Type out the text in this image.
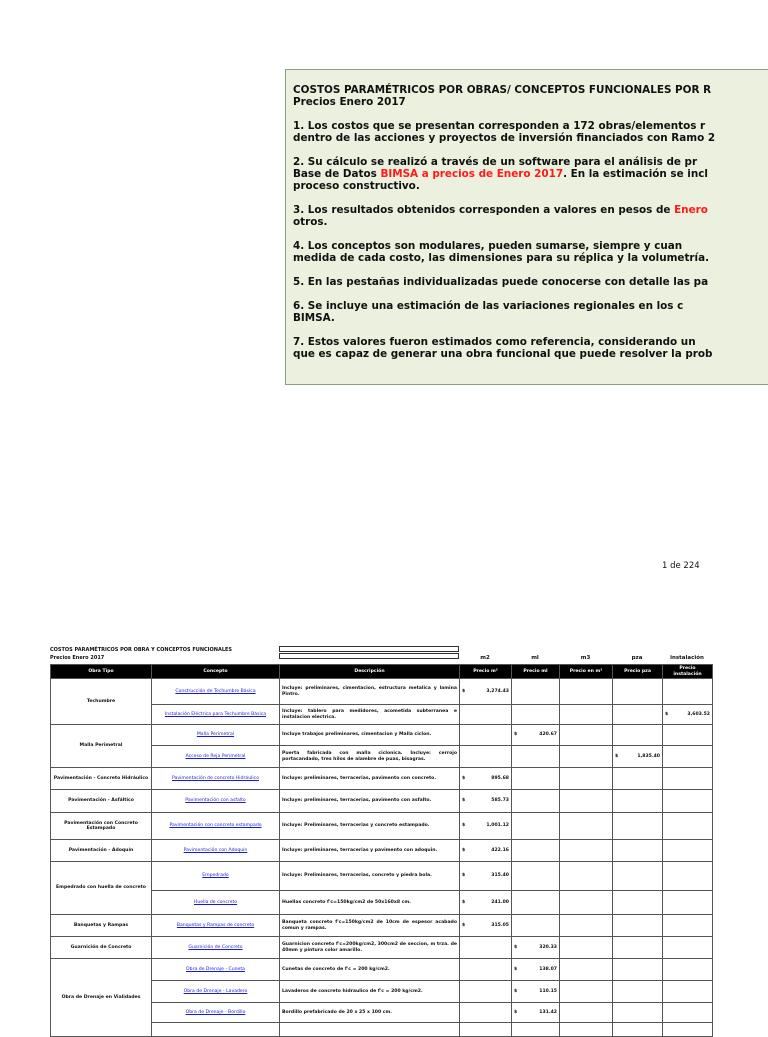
COSTOS PARAMÉTRICOS POR OBRAS/ CONCEPTOS FUNCIONALES POR R
Precios Enero 2017
1. Los costos que se presentan corresponden a 172 obras/elementos r
dentro de las acciones y proyectos de inversión financiados con Ramo 2
2. Su cálculo se realizó a través de un software para el análisis de pr
Base de Datos BIMSA a precios de Enero 2017. En la estimación se incl
proceso constructivo.
3. Los resultados obtenidos corresponden a valores en pesos de Enero
otros.
4. Los conceptos son modulares, pueden sumarse, siempre y cuan
medida de cada costo, las dimensiones para su réplica y la volumetría.
5. En las pestañas individualizadas puede conocerse con detalle las pa
6. Se incluye una estimación de las variaciones regionales en los c
BIMSA.
7. Estos valores fueron estimados como referencia, considerando un
que es capaz de generar una obra funcional que puede resolver la prob
1 de 224
COSTOS PARAMÉTRICOS POR OBRA Y CONCEPTOS FUNCIONALES
Precios Enero 2017	m2	ml	m3	pza	instalación
Obra Tipo	Concepto	Descripción	Precio m²	Precio ml	Precio en m³	Precio pza	Precio instalación
Techumbre	Construcción de Techumbre Básica	Incluye: preliminares, cimentacion, estructura metalica y lamina Pintro.	$ 3,274.43				

	Instalación Eléctrica para Techumbre Básica	Incluye: tablero para medidores, acometida subterranea e instalacion electrica.					$ 3,603.52

Malla Perimetral	Malla Perimetral	Incluye trabajos preliminares, cimentacion y Malla ciclon.		$ 420.67			

	Acceso de Reja Perimetral	Puerta fabricada con malla ciclonica. Incluye: cerrojo portacandado, tres hilos de alambre de puas, bisagras.				$ 1,835.40	

Pavimentación - Concreto Hidráulico	Pavimentación de concreto Hidráulico	Incluye: preliminares, terracerias, pavimento con concreto.	$ 895.68				

Pavimentación - Asfáltico	Pavimentación con asfalto	Incluye: preliminares, terracerias, pavimento con asfalto.	$ 585.73				

Pavimentación con Concreto Estampado	Pavimentación con concreto estampado	Incluye: Preliminares, terracerias y concreto estampado.	$ 1,001.12				

Pavimentación - Adoquín	Pavimentación con Adoquín	Incluye: preliminares, terracerias y pavimento con adoquin.	$ 422.16				

Empedrado con huella de concreto	Empedrado	Incluye: Preliminares, terracerias, concreto y piedra bola.	$ 315.40				

	Huella de concreto	Huellas concreto f'c=150kg/cm2 de 50x160x8 cm.	$ 241.00				

Banquetas y Rampas	Banquetas y Rampas de concreto	Banqueta concreto f'c=150kg/cm2 de 10cm de espesor acabado comun y rampas.	$ 315.05				

Guarnición de Concreto	Guarnición de Concreto	Guarnicion concreto f'c=200kg/cm2, 300cm2 de seccion, m trza. de 40mm y pintura color amarillo.		$ 320.33			

Obra de Drenaje en Vialidades	Obra de Drenaje - Cuneta	Cunetas de concreto de f'c = 200 kg/cm2.		$ 138.07			

	Obra de Drenaje - Lavadero	Lavaderos de concreto hidraulico de f'c = 200 kg/cm2.		$ 110.15			

	Obra de Drenaje - Bordillo	Bordillo prefabricado de 20 x 25 x 100 cm.		$ 131.42			
